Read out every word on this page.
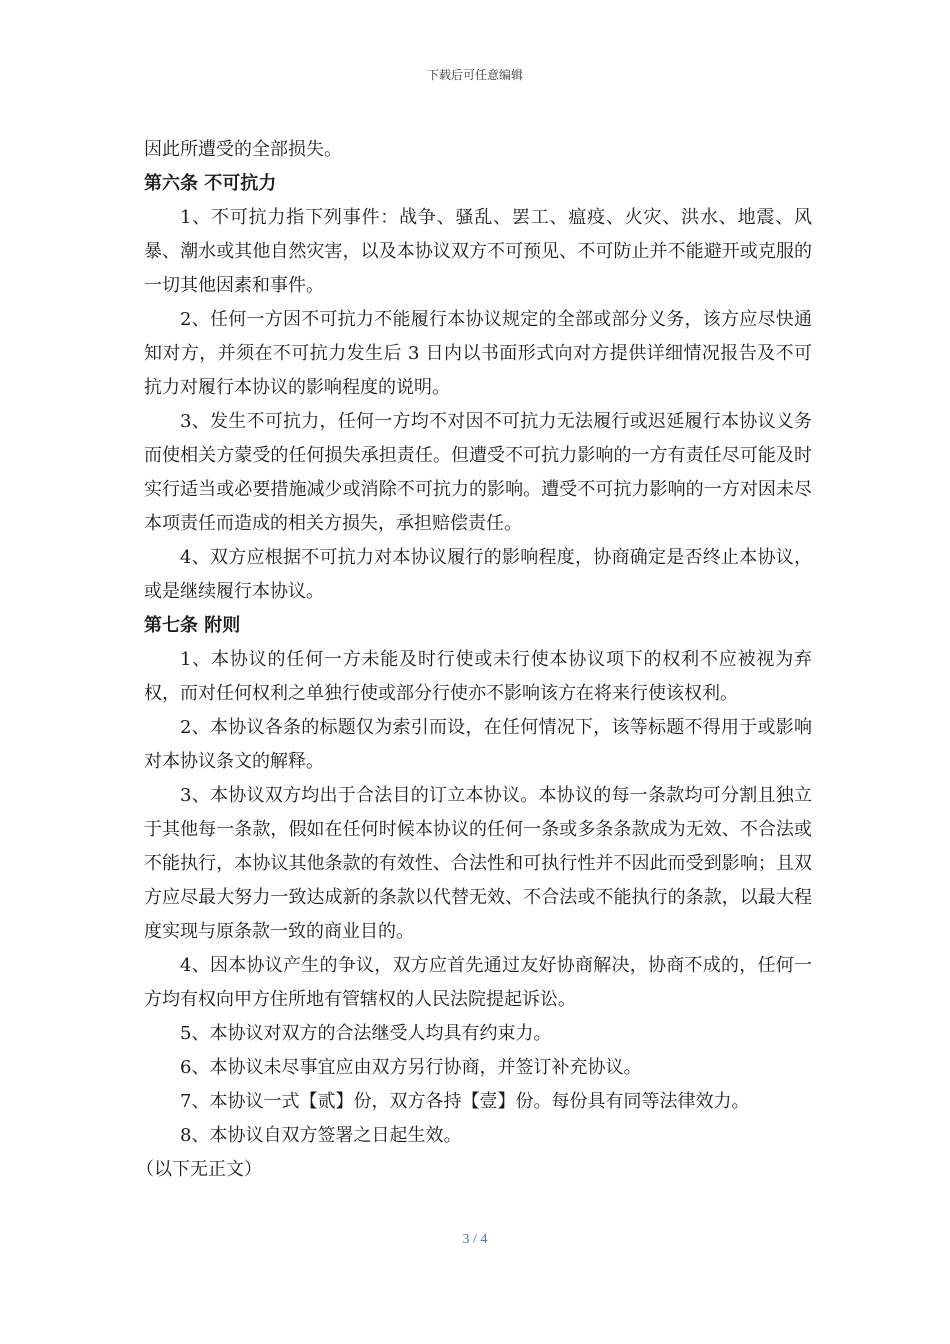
下载后可任意编辑

因此所遭受的全部损失。

第六条 不可抗力

1、不可抗力指下列事件：战争、骚乱、罢工、瘟疫、火灾、洪水、地震、风暴、潮水或其他自然灾害，以及本协议双方不可预见、不可防止并不能避开或克服的一切其他因素和事件。

2、任何一方因不可抗力不能履行本协议规定的全部或部分义务，该方应尽快通知对方，并须在不可抗力发生后 3 日内以书面形式向对方提供详细情况报告及不可抗力对履行本协议的影响程度的说明。

3、发生不可抗力，任何一方均不对因不可抗力无法履行或迟延履行本协议义务而使相关方蒙受的任何损失承担责任。但遭受不可抗力影响的一方有责任尽可能及时实行适当或必要措施减少或消除不可抗力的影响。遭受不可抗力影响的一方对因未尽本项责任而造成的相关方损失，承担赔偿责任。

4、双方应根据不可抗力对本协议履行的影响程度，协商确定是否终止本协议，或是继续履行本协议。

第七条 附则

1、本协议的任何一方未能及时行使或未行使本协议项下的权利不应被视为弃权，而对任何权利之单独行使或部分行使亦不影响该方在将来行使该权利。

2、本协议各条的标题仅为索引而设，在任何情况下，该等标题不得用于或影响对本协议条文的解释。

3、本协议双方均出于合法目的订立本协议。本协议的每一条款均可分割且独立于其他每一条款，假如在任何时候本协议的任何一条或多条条款成为无效、不合法或不能执行，本协议其他条款的有效性、合法性和可执行性并不因此而受到影响；且双方应尽最大努力一致达成新的条款以代替无效、不合法或不能执行的条款，以最大程度实现与原条款一致的商业目的。

4、因本协议产生的争议，双方应首先通过友好协商解决，协商不成的，任何一方均有权向甲方住所地有管辖权的人民法院提起诉讼。

5、本协议对双方的合法继受人均具有约束力。

6、本协议未尽事宜应由双方另行协商，并签订补充协议。

7、本协议一式【贰】份，双方各持【壹】份。每份具有同等法律效力。

8、本协议自双方签署之日起生效。

（以下无正文）

3 / 4
